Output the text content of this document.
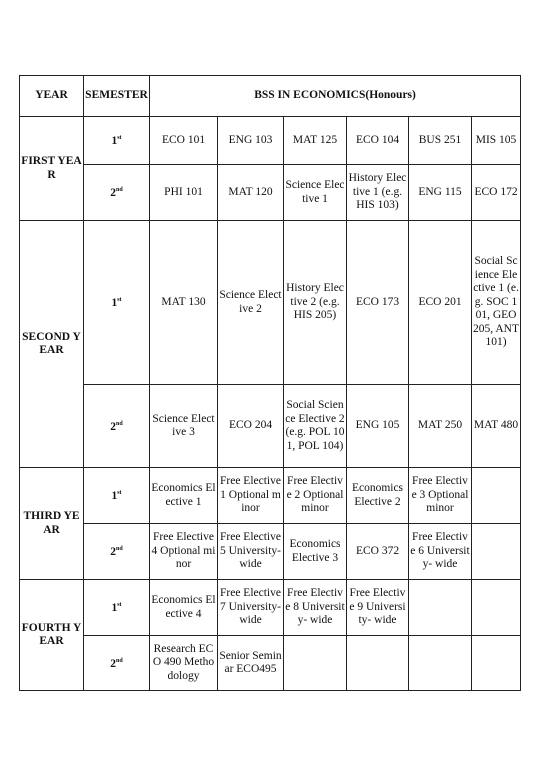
YEAR	SEMESTER	BSS IN ECONOMICS(Honours)					
FIRST YEAR	1st	ECO 101	ENG 103	MAT 125	ECO 104	BUS 251	MIS 105
	2nd	PHI 101	MAT 120	Science Elective 1	History Elective 1 (e.g. HIS 103)	ENG 115	ECO 172
SECOND YEAR	1st	MAT 130	Science Elective 2	History Elective 2 (e.g. HIS 205)	ECO 173	ECO 201	Social Science Elective 1 (e.g. SOC 101, GEO 205, ANT 101)
	2nd	Science Elective 3	ECO 204	Social Science Elective 2 (e.g. POL 101, POL 104)	ENG 105	MAT 250	MAT 480
THIRD YEAR	1st	Economics Elective 1	Free Elective 1 Optional minor	Free Elective 2 Optional minor	Economics Elective 2	Free Elective 3 Optional minor	
	2nd	Free Elective 4 Optional minor	Free Elective 5 University- wide	Economics Elective 3	ECO 372	Free Elective 6 University- wide	
FOURTH YEAR	1st	Economics Elective 4	Free Elective 7 University- wide	Free Elective 8 University- wide	Free Elective 9 University- wide		
	2nd	Research ECO 490 Methodology	Senior Seminar ECO495				
